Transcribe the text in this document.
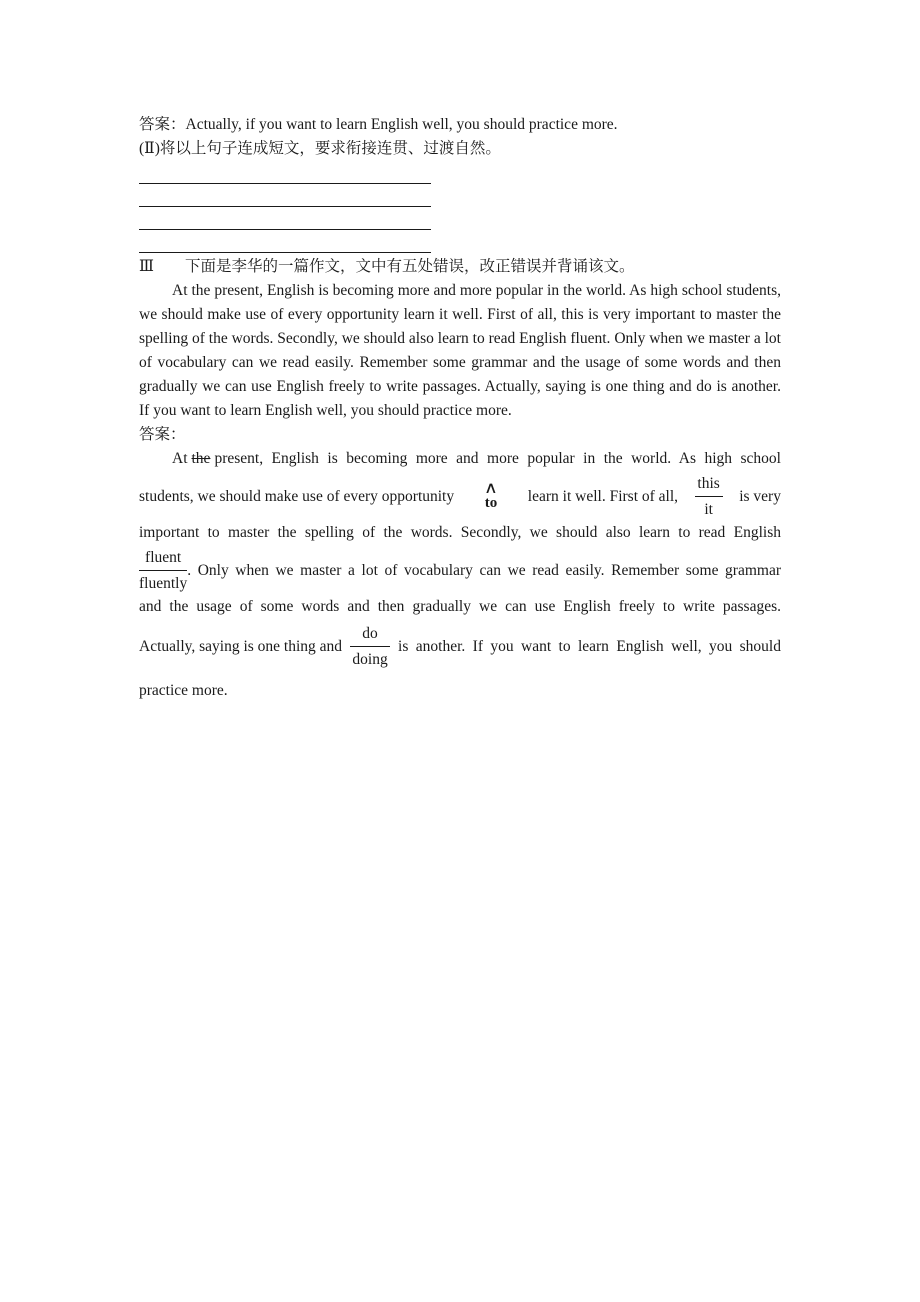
答案：Actually, if you want to learn English well, you should practice more.
(Ⅱ)将以上句子连成短文，要求衔接连贯、过渡自然。
Ⅲ 下面是李华的一篇作文，文中有五处错误，改正错误并背诵该文。
At the present, English is becoming more and more popular in the world. As high school students, we should make use of every opportunity learn it well. First of all, this is very important to master the spelling of the words. Secondly, we should also learn to read English fluent. Only when we master a lot of vocabulary can we read easily. Remember some grammar and the usage of some words and then gradually we can use English freely to write passages. Actually, saying is one thing and do is another. If you want to learn English well, you should practice more.
答案：
At the present, English is becoming more and more popular in the world. As high school
students, we should make use of every opportunity ∧
to learn it well. First of all, $\frac{\text{this}}{it}$ is very
important to master the spelling of the words. Secondly, we should also learn to read English
$\frac{\text{fluent}}{\text{fluently}}$ . Only when we master a lot of vocabulary can we read easily. Remember some grammar
and the usage of some words and then gradually we can use English freely to write passages.
Actually, saying is one thing and $\frac{do}{\text{doing}}$ is another. If you want to learn English well, you should
practice more.
